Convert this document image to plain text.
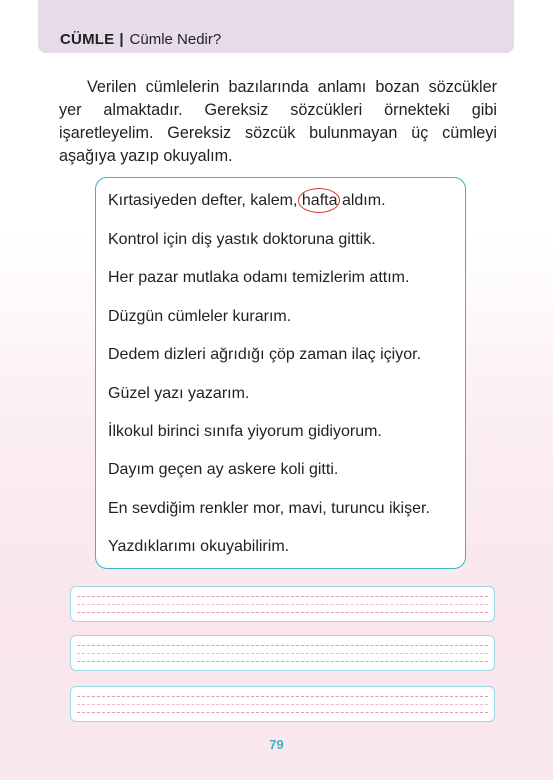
CÜMLE | Cümle Nedir?
Verilen cümlelerin bazılarında anlamı bozan sözcükler yer almaktadır. Gereksiz sözcükleri örnekteki gibi işaretleyelim. Gereksiz sözcük bulunmayan üç cümleyi aşağıya yazıp okuyalım.
Kırtasiyeden defter, kalem, hafta aldım.
Kontrol için diş yastık doktoruna gittik.
Her pazar mutlaka odamı temizlerim attım.
Düzgün cümleler kurarım.
Dedem dizleri ağrıdığı çöp zaman ilaç içiyor.
Güzel yazı yazarım.
İlkokul birinci sınıfa yiyorum gidiyorum.
Dayım geçen ay askere koli gitti.
En sevdiğim renkler mor, mavi, turuncu ikişer.
Yazdıklarımı okuyabilirim.
79
